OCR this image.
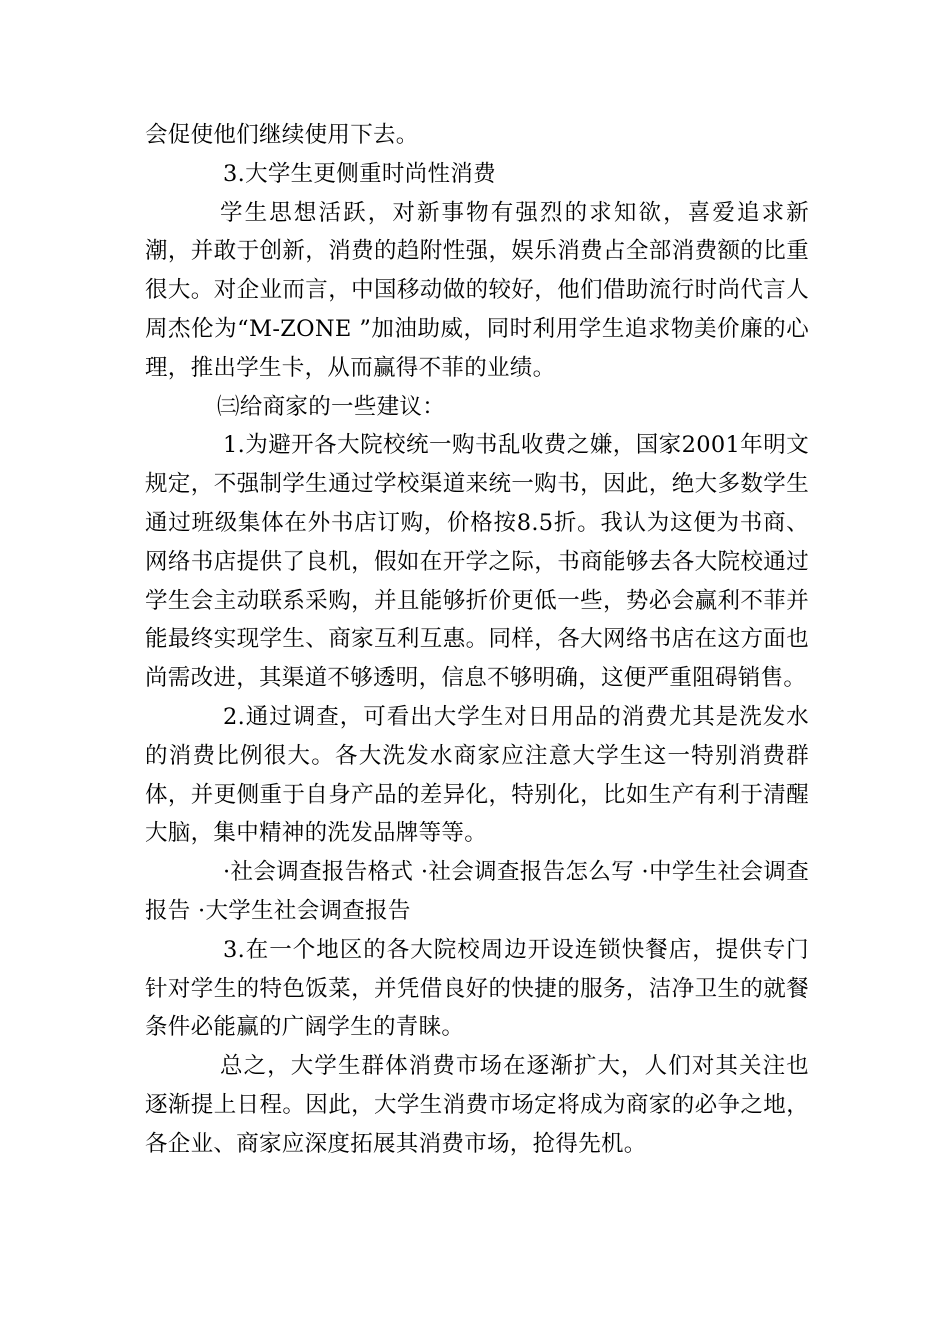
会促使他们继续使用下去。

3.大学生更侧重时尚性消费

学生思想活跃，对新事物有强烈的求知欲，喜爱追求新潮，并敢于创新，消费的趋附性强，娱乐消费占全部消费额的比重很大。对企业而言，中国移动做的较好，他们借助流行时尚代言人周杰伦为“M-ZONE ”加油助威，同时利用学生追求物美价廉的心理，推出学生卡，从而赢得不菲的业绩。

㈢给商家的一些建议：

1.为避开各大院校统一购书乱收费之嫌，国家2001年明文规定，不强制学生通过学校渠道来统一购书，因此，绝大多数学生通过班级集体在外书店订购，价格按8.5折。我认为这便为书商、网络书店提供了良机，假如在开学之际，书商能够去各大院校通过学生会主动联系采购，并且能够折价更低一些，势必会赢利不菲并能最终实现学生、商家互利互惠。同样，各大网络书店在这方面也尚需改进，其渠道不够透明，信息不够明确，这便严重阻碍销售。

2.通过调查，可看出大学生对日用品的消费尤其是洗发水的消费比例很大。各大洗发水商家应注意大学生这一特别消费群体，并更侧重于自身产品的差异化，特别化，比如生产有利于清醒大脑，集中精神的洗发品牌等等。

·社会调查报告格式 ·社会调查报告怎么写 ·中学生社会调查报告 ·大学生社会调查报告

3.在一个地区的各大院校周边开设连锁快餐店，提供专门针对学生的特色饭菜，并凭借良好的快捷的服务，洁净卫生的就餐条件必能赢的广阔学生的青睐。

总之，大学生群体消费市场在逐渐扩大，人们对其关注也逐渐提上日程。因此，大学生消费市场定将成为商家的必争之地，各企业、商家应深度拓展其消费市场，抢得先机。
